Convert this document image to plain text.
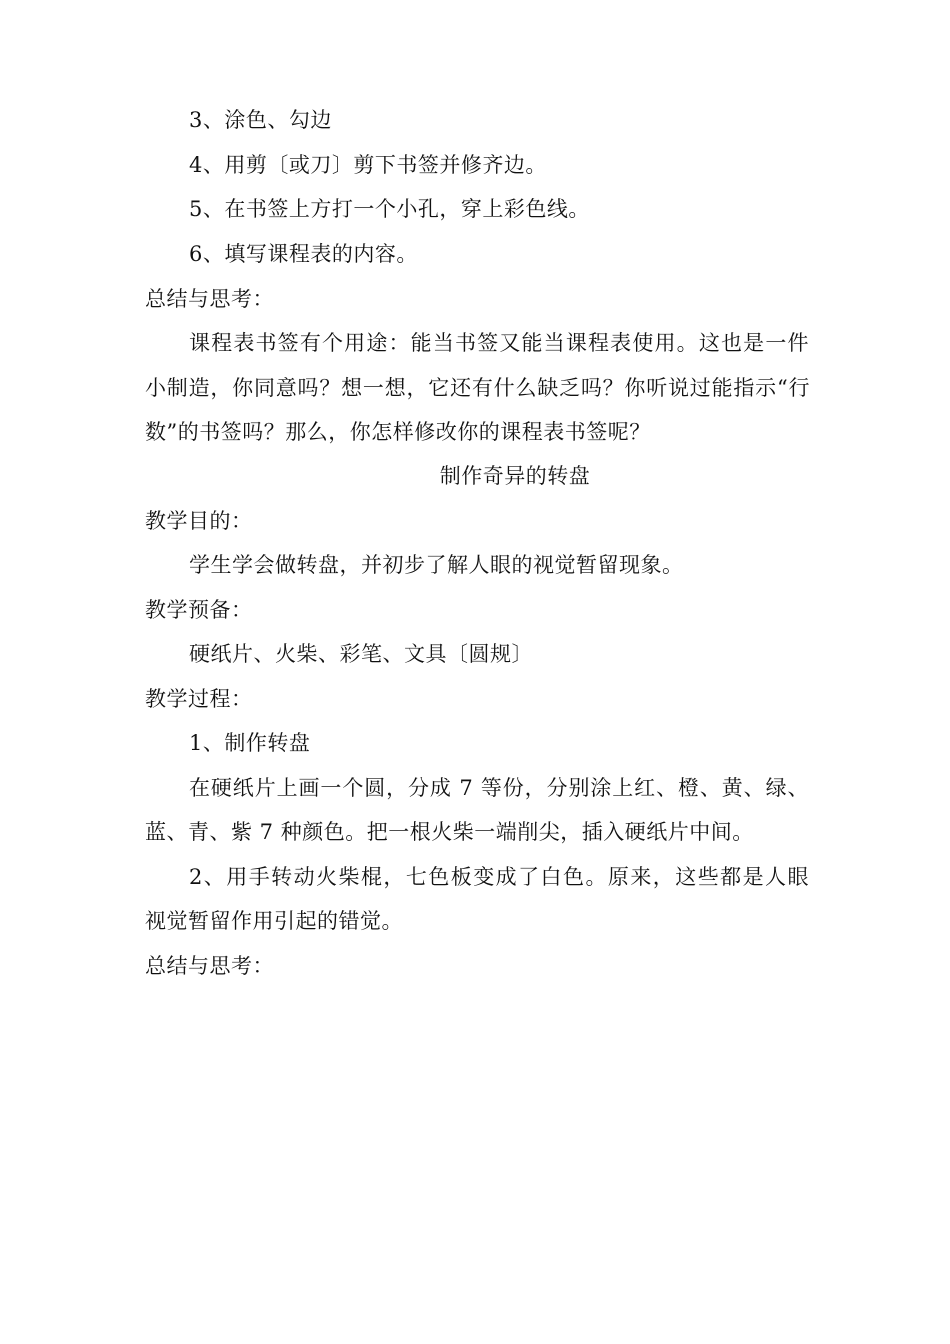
3、涂色、勾边
4、用剪〔或刀〕剪下书签并修齐边。
5、在书签上方打一个小孔，穿上彩色线。
6、填写课程表的内容。
总结与思考：
课程表书签有个用途：能当书签又能当课程表使用。这也是一件
小制造，你同意吗？想一想，它还有什么缺乏吗？你听说过能指示“行
数”的书签吗？那么，你怎样修改你的课程表书签呢？
制作奇异的转盘
教学目的：
学生学会做转盘，并初步了解人眼的视觉暂留现象。
教学预备：
硬纸片、火柴、彩笔、文具〔圆规〕
教学过程：
1、制作转盘
在硬纸片上画一个圆，分成 7 等份，分别涂上红、橙、黄、绿、
蓝、青、紫 7 种颜色。把一根火柴一端削尖，插入硬纸片中间。
2、用手转动火柴棍，七色板变成了白色。原来，这些都是人眼
视觉暂留作用引起的错觉。
总结与思考：
